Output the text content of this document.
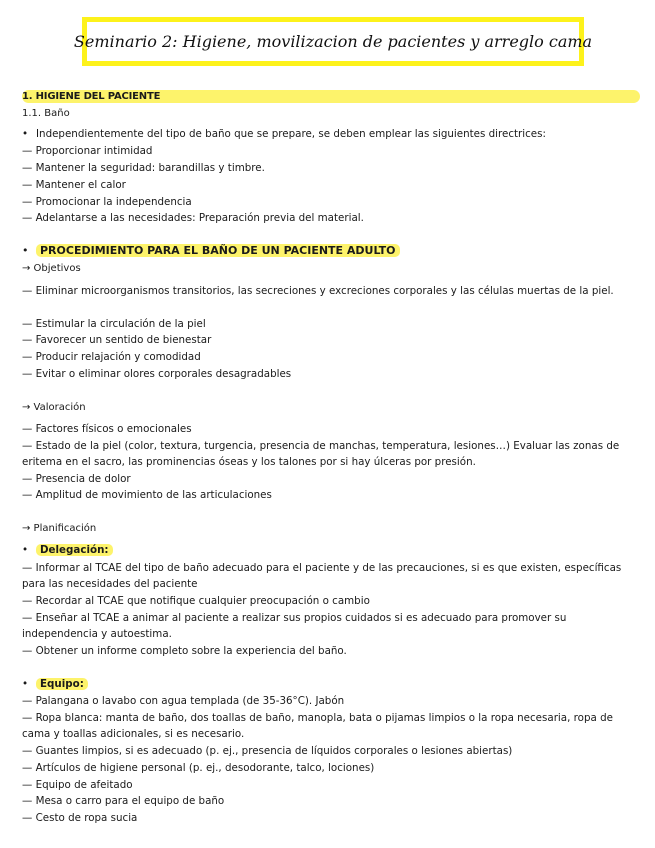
Seminario 2: Higiene, movilizacion de pacientes y arreglo cama
1. HIGIENE DEL PACIENTE
1.1. Baño
• Independientemente del tipo de baño que se prepare, se deben emplear las siguientes directrices:
— Proporcionar intimidad
— Mantener la seguridad: barandillas y timbre.
— Mantener el calor
— Promocionar la independencia
— Adelantarse a las necesidades: Preparación previa del material.
• PROCEDIMIENTO PARA EL BAÑO DE UN PACIENTE ADULTO
→ Objetivos
— Eliminar microorganismos transitorios, las secreciones y excreciones corporales y las células muertas de la piel.
— Estimular la circulación de la piel
— Favorecer un sentido de bienestar
— Producir relajación y comodidad
— Evitar o eliminar olores corporales desagradables
→ Valoración
— Factores físicos o emocionales
— Estado de la piel (color, textura, turgencia, presencia de manchas, temperatura, lesiones…) Evaluar las zonas de eritema en el sacro, las prominencias óseas y los talones por si hay úlceras por presión.
— Presencia de dolor
— Amplitud de movimiento de las articulaciones
→ Planificación
• Delegación:
— Informar al TCAE del tipo de baño adecuado para el paciente y de las precauciones, si es que existen, específicas para las necesidades del paciente
— Recordar al TCAE que notifique cualquier preocupación o cambio
— Enseñar al TCAE a animar al paciente a realizar sus propios cuidados si es adecuado para promover su independencia y autoestima.
— Obtener un informe completo sobre la experiencia del baño.
• Equipo:
— Palangana o lavabo con agua templada (de 35-36°C). Jabón
— Ropa blanca: manta de baño, dos toallas de baño, manopla, bata o pijamas limpios o la ropa necesaria, ropa de cama y toallas adicionales, si es necesario.
— Guantes limpios, si es adecuado (p. ej., presencia de líquidos corporales o lesiones abiertas)
— Artículos de higiene personal (p. ej., desodorante, talco, lociones)
— Equipo de afeitado
— Mesa o carro para el equipo de baño
— Cesto de ropa sucia
